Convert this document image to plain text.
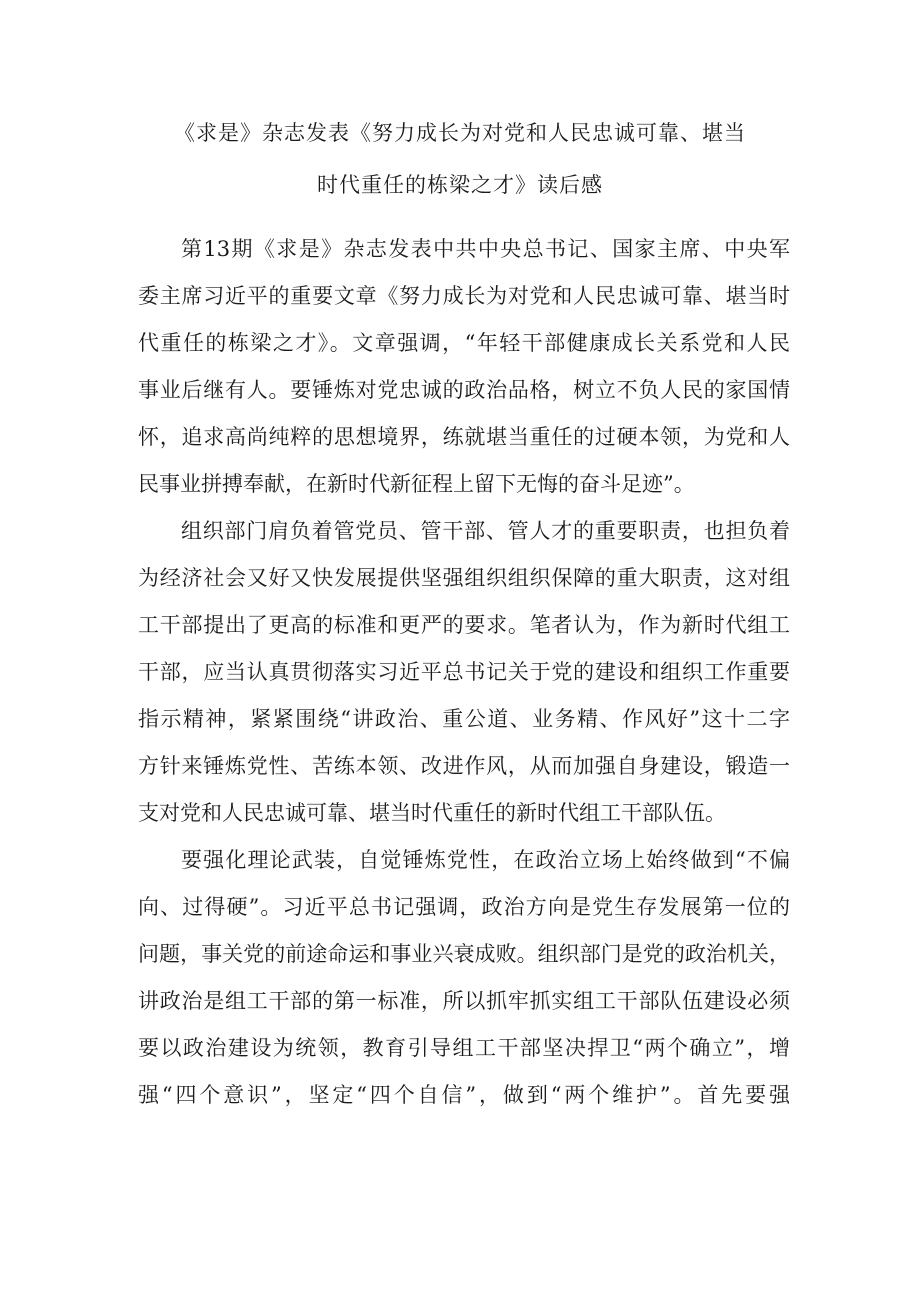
《求是》杂志发表《努力成长为对党和人民忠诚可靠、堪当
时代重任的栋梁之才》读后感
第13期《求是》杂志发表中共中央总书记、国家主席、中央军
委主席习近平的重要文章《努力成长为对党和人民忠诚可靠、堪当时
代重任的栋梁之才》。文章强调，“年轻干部健康成长关系党和人民
事业后继有人。要锤炼对党忠诚的政治品格，树立不负人民的家国情
怀，追求高尚纯粹的思想境界，练就堪当重任的过硬本领，为党和人
民事业拼搏奉献，在新时代新征程上留下无悔的奋斗足迹”。
组织部门肩负着管党员、管干部、管人才的重要职责，也担负着
为经济社会又好又快发展提供坚强组织组织保障的重大职责，这对组
工干部提出了更高的标准和更严的要求。笔者认为，作为新时代组工
干部，应当认真贯彻落实习近平总书记关于党的建设和组织工作重要
指示精神，紧紧围绕“讲政治、重公道、业务精、作风好”这十二字
方针来锤炼党性、苦练本领、改进作风，从而加强自身建设，锻造一
支对党和人民忠诚可靠、堪当时代重任的新时代组工干部队伍。
要强化理论武装，自觉锤炼党性，在政治立场上始终做到“不偏
向、过得硬”。习近平总书记强调，政治方向是党生存发展第一位的
问题，事关党的前途命运和事业兴衰成败。组织部门是党的政治机关，
讲政治是组工干部的第一标准，所以抓牢抓实组工干部队伍建设必须
要以政治建设为统领，教育引导组工干部坚决捍卫“两个确立”，增
强“四个意识”，坚定“四个自信”，做到“两个维护”。首先要强
